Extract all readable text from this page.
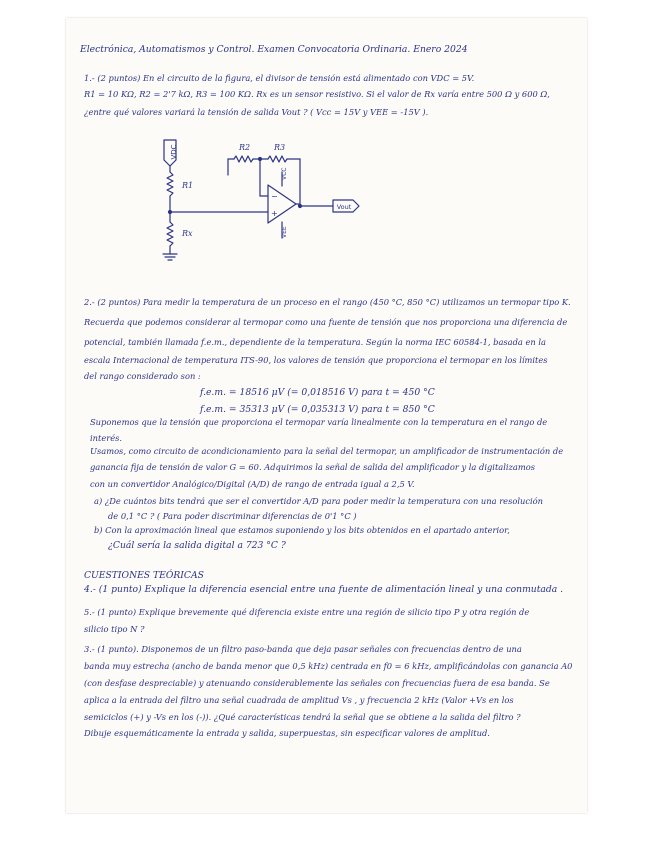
Electrónica, Automatismos y Control. Examen Convocatoria Ordinaria. Enero 2024
1.- (2 puntos) En el circuito de la figura, el divisor de tensión está alimentado con VDC = 5V.
R1 = 10 KΩ, R2 = 2'7 kΩ, R3 = 100 KΩ. Rx es un sensor resistivo. Si el valor de Rx varía entre 500 Ω y 600 Ω,
¿entre qué valores variará la tensión de salida Vout ? ( Vcc = 15V y VEE = -15V ).
VDC
−
+
VCC
VEE
Vout
R1
Rx
R2	R3
2.- (2 puntos) Para medir la temperatura de un proceso en el rango (450 °C, 850 °C) utilizamos un termopar tipo K.
Recuerda que podemos considerar al termopar como una fuente de tensión que nos proporciona una diferencia de
potencial, también llamada f.e.m., dependiente de la temperatura. Según la norma IEC 60584-1, basada en la
escala Internacional de temperatura ITS-90, los valores de tensión que proporciona el termopar en los límites
del rango considerado son :
f.e.m. = 18516 μV (= 0,018516 V) para t = 450 °C
f.e.m. = 35313 μV (= 0,035313 V) para t = 850 °C
Suponemos que la tensión que proporciona el termopar varía linealmente con la temperatura en el rango de
interés.
Usamos, como circuito de acondicionamiento para la señal del termopar, un amplificador de instrumentación de
ganancia fija de tensión de valor G = 60. Adquirimos la señal de salida del amplificador y la digitalizamos
con un convertidor Analógico/Digital (A/D) de rango de entrada igual a 2,5 V.
a) ¿De cuántos bits tendrá que ser el convertidor A/D para poder medir la temperatura con una resolución
de 0,1 °C ? ( Para poder discriminar diferencias de 0'1 °C )
b) Con la aproximación lineal que estamos suponiendo y los bits obtenidos en el apartado anterior,
¿Cuál sería la salida digital a 723 °C ?
CUESTIONES TEÓRICAS
4.- (1 punto) Explique la diferencia esencial entre una fuente de alimentación lineal y una conmutada .
5.- (1 punto) Explique brevemente qué diferencia existe entre una región de silicio tipo P y otra región de
silicio tipo N ?
3.- (1 punto). Disponemos de un filtro paso-banda que deja pasar señales con frecuencias dentro de una
banda muy estrecha (ancho de banda menor que 0,5 kHz) centrada en f0 = 6 kHz, amplificándolas con ganancia A0
(con desfase despreciable) y atenuando considerablemente las señales con frecuencias fuera de esa banda. Se
aplica a la entrada del filtro una señal cuadrada de amplitud Vs , y frecuencia 2 kHz (Valor +Vs en los
semiciclos (+) y -Vs en los (-)). ¿Qué características tendrá la señal que se obtiene a la salida del filtro ?
Dibuje esquemáticamente la entrada y salida, superpuestas, sin especificar valores de amplitud.
